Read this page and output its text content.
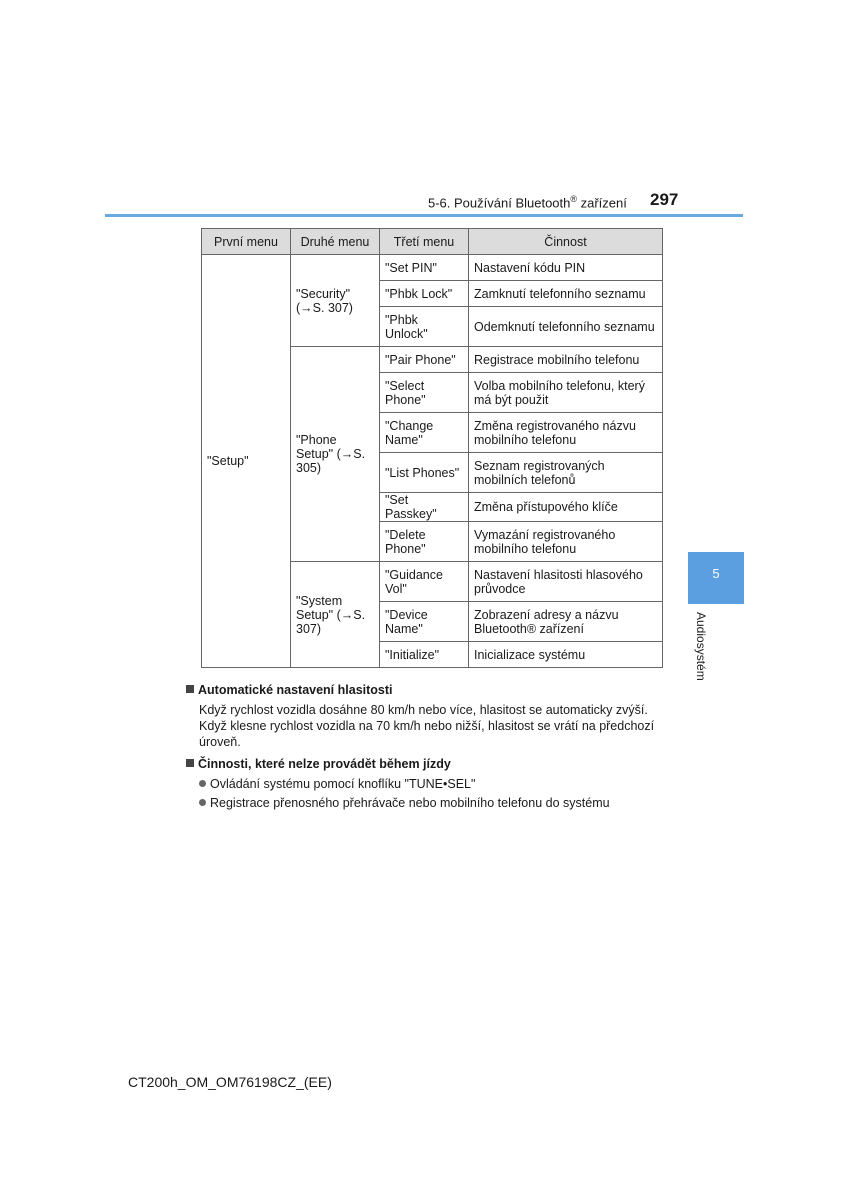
5-6. Používání Bluetooth® zařízení 297
5
Audiosystém
První menu	Druhé menu	Třetí menu	Činnost
"Setup"	"Security" (→S. 307)	"Set PIN"	Nastavení kódu PIN
		"Phbk Lock"	Zamknutí telefonního seznamu
		"Phbk Unlock"	Odemknutí telefonního seznamu
	"Phone Setup" (→S. 305)	"Pair Phone"	Registrace mobilního telefonu
		"Select Phone"	Volba mobilního telefonu, který má být použit
		"Change Name"	Změna registrovaného názvu mobilního telefonu
		"List Phones"	Seznam registrovaných mobilních telefonů
		"Set Passkey"	Změna přístupového klíče
		"Delete Phone"	Vymazání registrovaného mobilního telefonu
	"System Setup" (→S. 307)	"Guidance Vol"	Nastavení hlasitosti hlasového průvodce
		"Device Name"	Zobrazení adresy a názvu Bluetooth® zařízení
		"Initialize"	Inicializace systému
Automatické nastavení hlasitosti
Když rychlost vozidla dosáhne 80 km/h nebo více, hlasitost se automaticky zvýší. Když klesne rychlost vozidla na 70 km/h nebo nižší, hlasitost se vrátí na předchozí úroveň.
Činnosti, které nelze provádět během jízdy
Ovládání systému pomocí knoflíku "TUNE•SEL"
Registrace přenosného přehrávače nebo mobilního telefonu do systému
CT200h_OM_OM76198CZ_(EE)
